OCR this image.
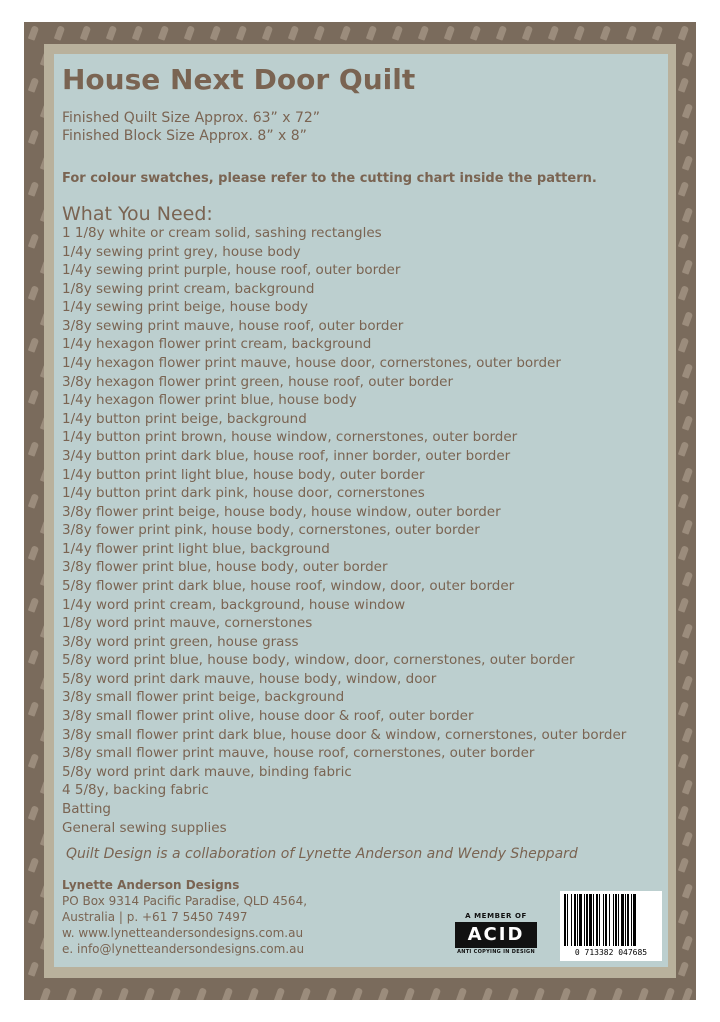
House Next Door Quilt
Finished Quilt Size Approx. 63” x 72”
Finished Block Size Approx. 8” x 8”
For colour swatches, please refer to the cutting chart inside the pattern.
What You Need:
1 1/8y white or cream solid, sashing rectangles
1/4y sewing print grey, house body
1/4y sewing print purple, house roof, outer border
1/8y sewing print cream, background
1/4y sewing print beige, house body
3/8y sewing print mauve, house roof, outer border
1/4y hexagon flower print cream, background
1/4y hexagon flower print mauve, house door, cornerstones, outer border
3/8y hexagon flower print green, house roof, outer border
1/4y hexagon flower print blue, house body
1/4y button print beige, background
1/4y button print brown, house window, cornerstones, outer border
3/4y button print dark blue, house roof, inner border, outer border
1/4y button print light blue, house body, outer border
1/4y button print dark pink, house door, cornerstones
3/8y flower print beige, house body, house window, outer border
3/8y fower print pink, house body, cornerstones, outer border
1/4y flower print light blue, background
3/8y flower print blue, house body, outer border
5/8y flower print dark blue, house roof, window, door, outer border
1/4y word print cream, background, house window
1/8y word print mauve, cornerstones
3/8y word print green, house grass
5/8y word print blue, house body, window, door, cornerstones, outer border
5/8y word print dark mauve, house body, window, door
3/8y small flower print beige, background
3/8y small flower print olive, house door & roof, outer border
3/8y small flower print dark blue, house door & window, cornerstones, outer border
3/8y small flower print mauve, house roof, cornerstones, outer border
5/8y word print dark mauve, binding fabric
4 5/8y, backing fabric
Batting
General sewing supplies
Quilt Design is a collaboration of Lynette Anderson and Wendy Sheppard
Lynette Anderson Designs
PO Box 9314 Pacific Paradise, QLD 4564,
Australia | p. +61 7 5450 7497
w. www.lynetteandersondesigns.com.au
e. info@lynetteandersondesigns.com.au
A MEMBER OF
ACID
ANTI COPYING IN DESIGN	0 713382 047685
